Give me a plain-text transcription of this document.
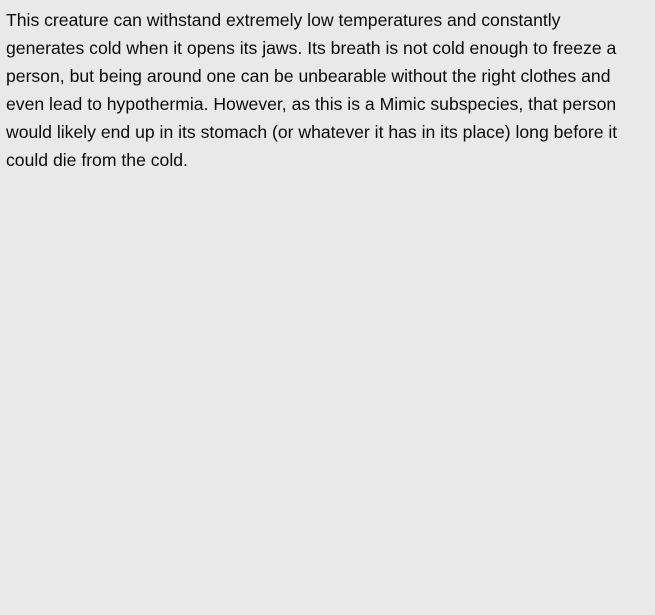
This creature can withstand extremely low temperatures and constantly generates cold when it opens its jaws. Its breath is not cold enough to freeze a person, but being around one can be unbearable without the right clothes and even lead to hypothermia. However, as this is a Mimic subspecies, that person would likely end up in its stomach (or whatever it has in its place) long before it could die from the cold.
